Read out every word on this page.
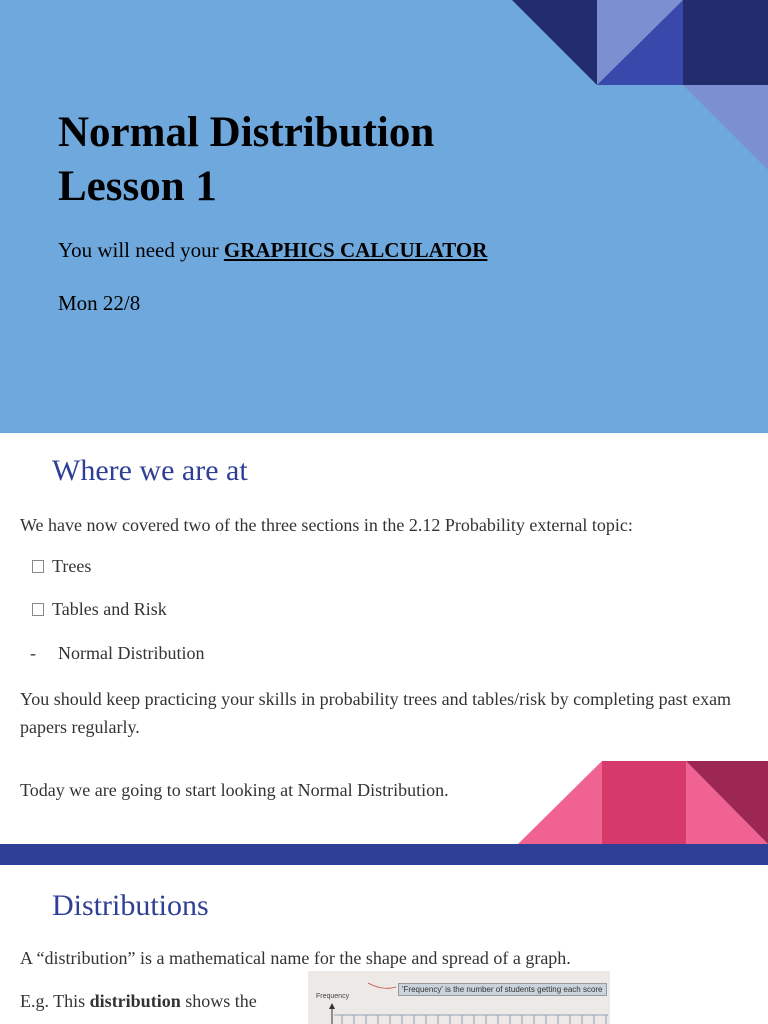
Normal Distribution
Lesson 1
You will need your GRAPHICS CALCULATOR
Mon 22/8
Where we are at
We have now covered two of the three sections in the 2.12 Probability external topic:
Trees
Tables and Risk
- Normal Distribution
You should keep practicing your skills in probability trees and tables/risk by completing past exam papers regularly.
Today we are going to start looking at Normal Distribution.
Distributions
A “distribution” is a mathematical name for the shape and spread of a graph.
E.g. This distribution shows the
'Frequency' is the number of students getting each score
Frequency
